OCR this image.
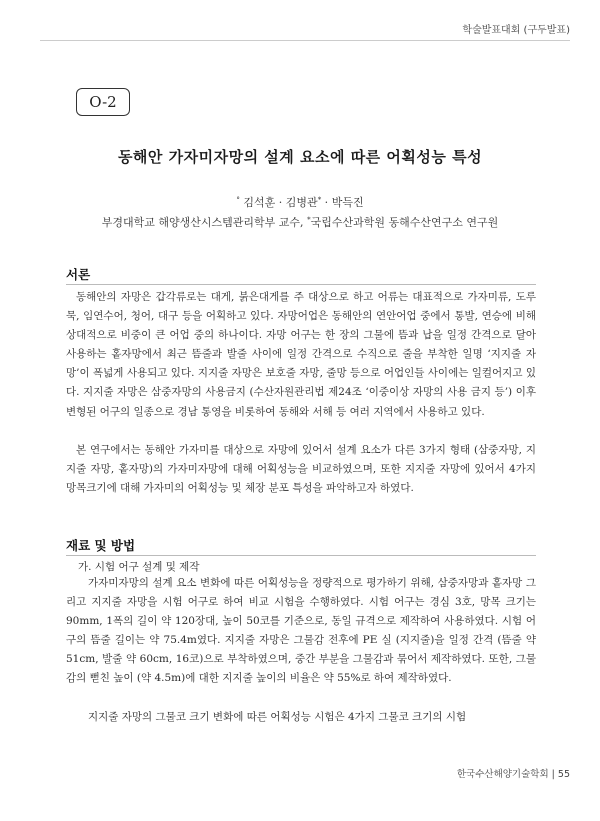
학술발표대회 (구두발표)
O-2
동해안 가자미자망의 설계 요소에 따른 어획성능 특성
° 김석훈 · 김병관* · 박득진
부경대학교 해양생산시스템관리학부 교수, *국립수산과학원 동해수산연구소 연구원
서론

동해안의 자망은 갑각류로는 대게, 붉은대게를 주 대상으로 하고 어류는 대표적으로 가자미류, 도루묵, 임연수어, 청어, 대구 등을 어획하고 있다. 자망어업은 동해안의 연안어업 중에서 통발, 연승에 비해 상대적으로 비중이 큰 어업 중의 하나이다. 자망 어구는 한 장의 그물에 뜸과 납을 일정 간격으로 달아 사용하는 홑자망에서 최근 뜸줄과 발줄 사이에 일정 간격으로 수직으로 줄을 부착한 일명 ‘지지줄 자망’이 폭넓게 사용되고 있다. 지지줄 자망은 보호줄 자망, 줄망 등으로 어업인들 사이에는 일컬어지고 있다. 지지줄 자망은 삼중자망의 사용금지 (수산자원관리법 제24조 ‘이중이상 자망의 사용 금지 등’) 이후 변형된 어구의 일종으로 경남 통영을 비롯하여 동해와 서해 등 여러 지역에서 사용하고 있다.

본 연구에서는 동해안 가자미를 대상으로 자망에 있어서 설계 요소가 다른 3가지 형태 (삼중자망, 지지줄 자망, 홑자망)의 가자미자망에 대해 어획성능을 비교하였으며, 또한 지지줄 자망에 있어서 4가지 망목크기에 대해 가자미의 어획성능 및 체장 분포 특성을 파악하고자 하였다.

재료 및 방법
가. 시험 어구 설계 및 제작

가자미자망의 설계 요소 변화에 따른 어획성능을 정량적으로 평가하기 위해, 삼중자망과 홑자망 그리고 지지줄 자망을 시험 어구로 하여 비교 시험을 수행하였다. 시험 어구는 경심 3호, 망목 크기는 90mm, 1폭의 길이 약 120장대, 높이 50코를 기준으로, 동일 규격으로 제작하여 사용하였다. 시험 어구의 뜸줄 길이는 약 75.4m였다. 지지줄 자망은 그물감 전후에 PE 실 (지지줄)을 일정 간격 (뜸줄 약 51cm, 발줄 약 60cm, 16코)으로 부착하였으며, 중간 부분을 그물감과 묶어서 제작하였다. 또한, 그물감의 뻗친 높이 (약 4.5m)에 대한 지지줄 높이의 비율은 약 55%로 하여 제작하였다.

지지줄 자망의 그물코 크기 변화에 따른 어획성능 시험은 4가지 그물코 크기의 시험

한국수산해양기술학회 | 55
